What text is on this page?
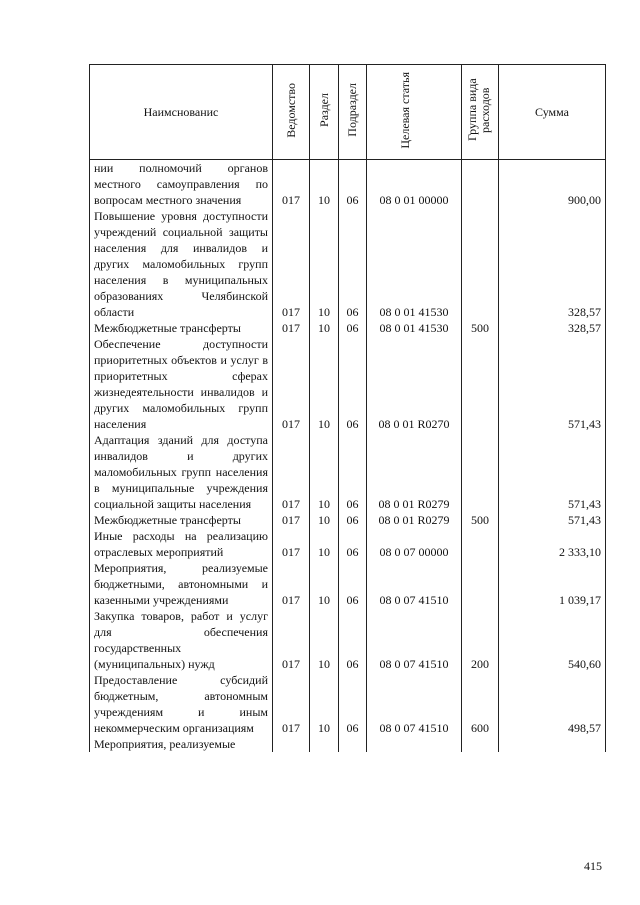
Наимснованис	Ведомство	Раздел	Подраздел	Целевая статья	Группа вида расходов	Сумма
нии полномочий органов местного самоуправления по вопросам местного значения	017	10	06	08 0 01 00000		900,00
Повышение уровня доступности учреждений социальной защиты населения для инвалидов и других маломобильных групп населения в муниципальных образованиях Челябинской области	017	10	06	08 0 01 41530		328,57
Межбюджетные трансферты	017	10	06	08 0 01 41530	500	328,57
Обеспечение доступности приоритетных объектов и услуг в приоритетных сферах жизнедеятельности инвалидов и других маломобильных групп населения	017	10	06	08 0 01 R0270		571,43
Адаптация зданий для доступа инвалидов и других маломобильных групп населения в муниципальные учреждения социальной защиты населения	017	10	06	08 0 01 R0279		571,43
Межбюджетные трансферты	017	10	06	08 0 01 R0279	500	571,43
Иные расходы на реализацию отраслевых мероприятий	017	10	06	08 0 07 00000		2 333,10
Мероприятия, реализуемые бюджетными, автономными и казенными учреждениями	017	10	06	08 0 07 41510		1 039,17
Закупка товаров, работ и услуг для обеспечения государственных (муниципальных) нужд	017	10	06	08 0 07 41510	200	540,60
Предоставление субсидий бюджетным, автономным учреждениям и иным некоммерческим организациям	017	10	06	08 0 07 41510	600	498,57
Мероприятия, реализуемые						
415
